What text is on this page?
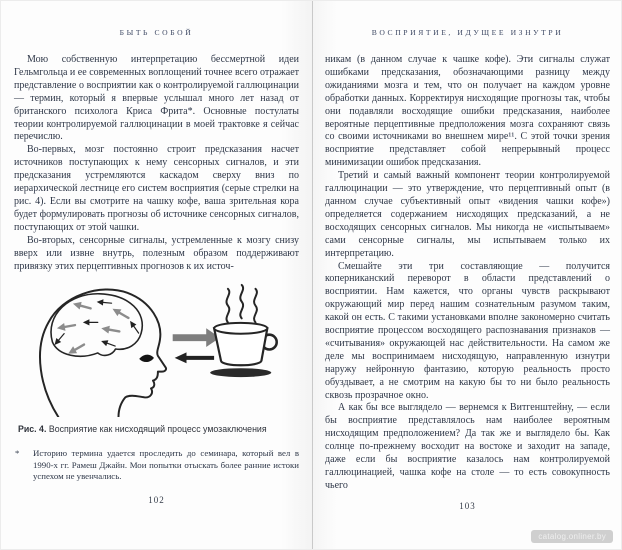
БЫТЬ СОБОЙ

Мою собственную интерпретацию бессмертной идеи Гельмгольца и ее современных воплощений точнее всего отражает представление о восприятии как о контролируемой галлюцинации — термин, который я впервые услышал много лет назад от британского психолога Криса Фрита*. Основные постулаты теории контролируемой галлюцинации в моей трактовке я сейчас перечислю.

Во-первых, мозг постоянно строит предсказания насчет источников поступающих к нему сенсорных сигналов, и эти предсказания устремляются каскадом сверху вниз по иерархической лестнице его систем восприятия (серые стрелки на рис. 4). Если вы смотрите на чашку кофе, ваша зрительная кора будет формулировать прогнозы об источнике сенсорных сигналов, поступающих от этой чашки.

Во-вторых, сенсорные сигналы, устремленные к мозгу снизу вверх или извне внутрь, полезным образом поддерживают привязку этих перцептивных прогнозов к их источ-

Рис. 4. Восприятие как нисходящий процесс умозаключения
*	Историю термина удается проследить до семинара, который вел в 1990-х гг. Рамеш Джайн. Мои попытки отыскать более ранние истоки успехом не увенчались.
102
ВОСПРИЯТИЕ, ИДУЩЕЕ ИЗНУТРИ

никам (в данном случае к чашке кофе). Эти сигналы служат ошибками предсказания, обозначающими разницу между ожиданиями мозга и тем, что он получает на каждом уровне обработки данных. Корректируя нисходящие прогнозы так, чтобы они подавляли восходящие ошибки предсказания, наиболее вероятные перцептивные предположения мозга сохраняют связь со своими источниками во внешнем мире¹¹. С этой точки зрения восприятие представляет собой непрерывный процесс минимизации ошибок предсказания.

Третий и самый важный компонент теории контролируемой галлюцинации — это утверждение, что перцептивный опыт (в данном случае субъективный опыт «видения чашки кофе») определяется содержанием нисходящих предсказаний, а не восходящих сенсорных сигналов. Мы никогда не «испытываем» сами сенсорные сигналы, мы испытываем только их интерпретацию.

Смешайте эти три составляющие — получится коперниканский переворот в области представлений о восприятии. Нам кажется, что органы чувств раскрывают окружающий мир перед нашим сознательным разумом таким, какой он есть. С такими установками вполне закономерно считать восприятие процессом восходящего распознавания признаков — «считывания» окружающей нас действительности. На самом же деле мы воспринимаем нисходящую, направленную изнутри наружу нейронную фантазию, которую реальность просто обуздывает, а не смотрим на какую бы то ни было реальность сквозь прозрачное окно.

А как бы все выглядело — вернемся к Витгенштейну, — если бы восприятие представлялось нам наиболее вероятным нисходящим предположением? Да так же и выглядело бы. Как солнце по-прежнему восходит на востоке и заходит на западе, даже если бы восприятие казалось нам контролируемой галлюцинацией, чашка кофе на столе — то есть совокупность чьего

103
catalog.onliner.by
